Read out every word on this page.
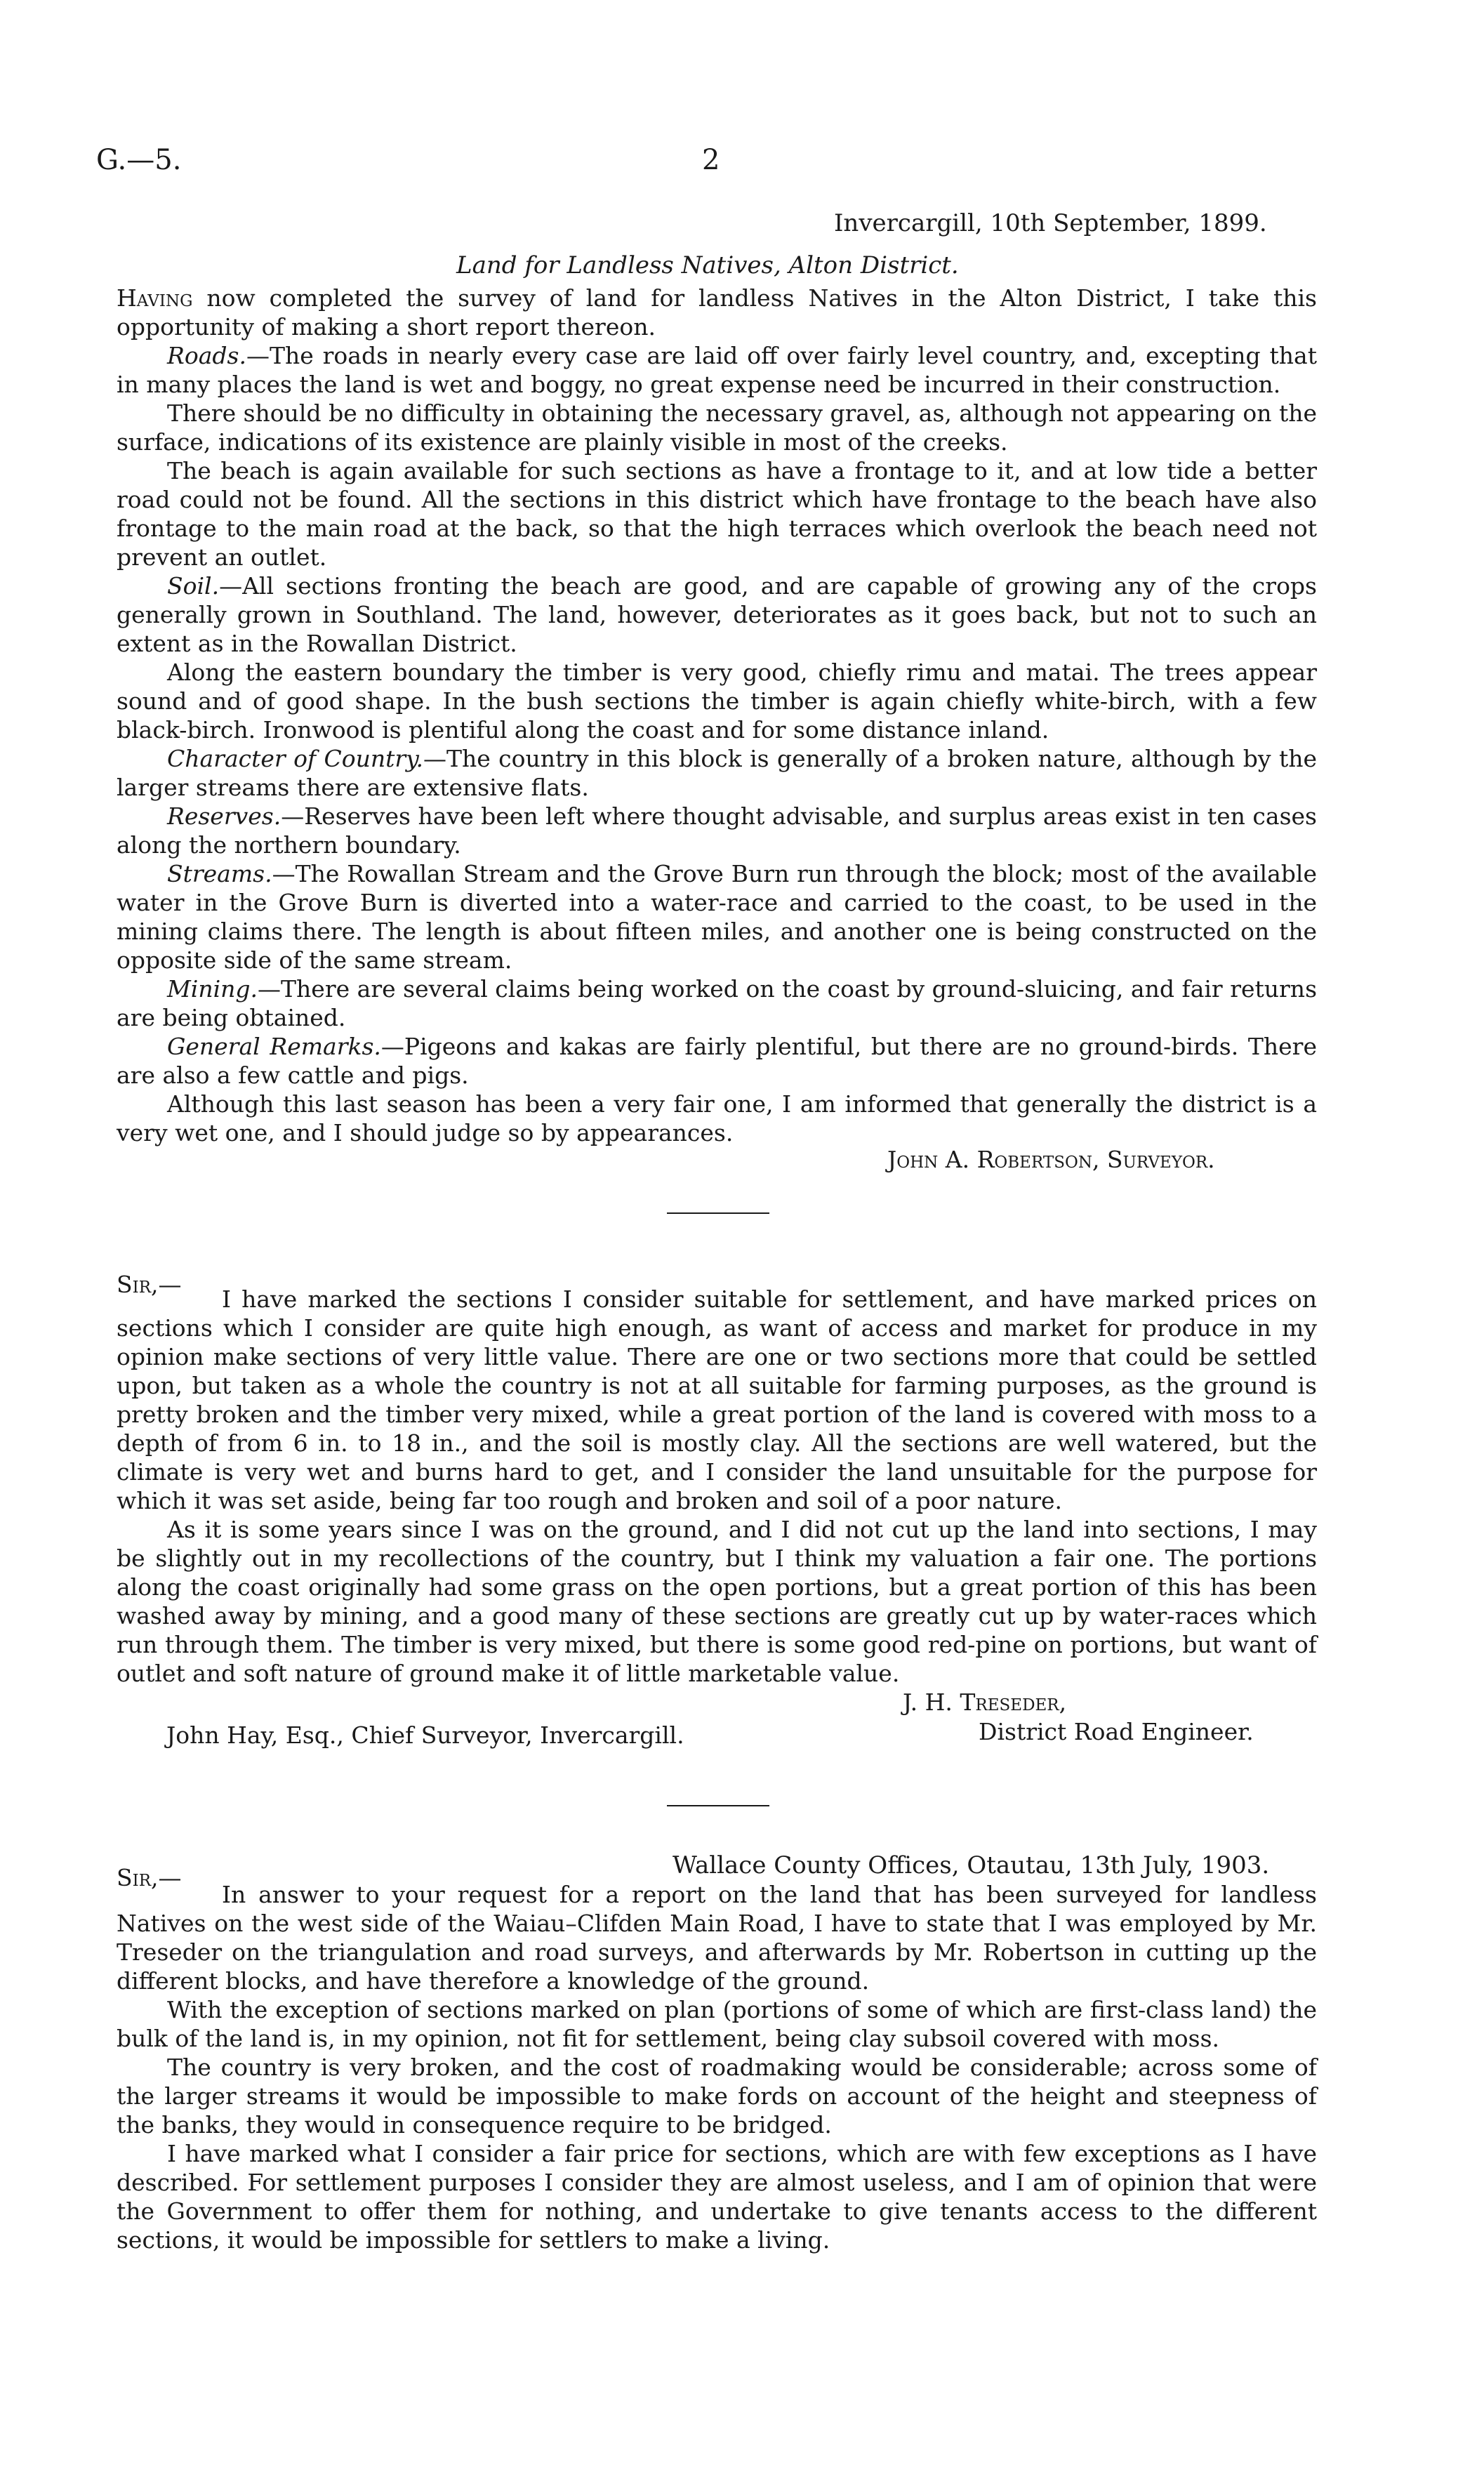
G.—5.	2
Invercargill, 10th September, 1899.
Land for Landless Natives, Alton District.

Having now completed the survey of land for landless Natives in the Alton District, I take this opportunity of making a short report thereon.

Roads.—The roads in nearly every case are laid off over fairly level country, and, excepting that in many places the land is wet and boggy, no great expense need be incurred in their construction.

There should be no difficulty in obtaining the necessary gravel, as, although not appearing on the surface, indications of its existence are plainly visible in most of the creeks.

The beach is again available for such sections as have a frontage to it, and at low tide a better road could not be found. All the sections in this district which have frontage to the beach have also frontage to the main road at the back, so that the high terraces which overlook the beach need not prevent an outlet.

Soil.—All sections fronting the beach are good, and are capable of growing any of the crops generally grown in Southland. The land, however, deteriorates as it goes back, but not to such an extent as in the Rowallan District.

Along the eastern boundary the timber is very good, chiefly rimu and matai. The trees appear sound and of good shape. In the bush sections the timber is again chiefly white-birch, with a few black-birch. Ironwood is plentiful along the coast and for some distance inland.

Character of Country.—The country in this block is generally of a broken nature, although by the larger streams there are extensive flats.

Reserves.—Reserves have been left where thought advisable, and surplus areas exist in ten cases along the northern boundary.

Streams.—The Rowallan Stream and the Grove Burn run through the block; most of the available water in the Grove Burn is diverted into a water-race and carried to the coast, to be used in the mining claims there. The length is about fifteen miles, and another one is being constructed on the opposite side of the same stream.

Mining.—There are several claims being worked on the coast by ground-sluicing, and fair returns are being obtained.

General Remarks.—Pigeons and kakas are fairly plentiful, but there are no ground-birds. There are also a few cattle and pigs.

Although this last season has been a very fair one, I am informed that generally the district is a very wet one, and I should judge so by appearances.

John A. Robertson, Surveyor.
Sir,—

I have marked the sections I consider suitable for settlement, and have marked prices on sections which I consider are quite high enough, as want of access and market for produce in my opinion make sections of very little value. There are one or two sections more that could be settled upon, but taken as a whole the country is not at all suitable for farming purposes, as the ground is pretty broken and the timber very mixed, while a great portion of the land is covered with moss to a depth of from 6 in. to 18 in., and the soil is mostly clay. All the sections are well watered, but the climate is very wet and burns hard to get, and I consider the land unsuitable for the purpose for which it was set aside, being far too rough and broken and soil of a poor nature.

As it is some years since I was on the ground, and I did not cut up the land into sections, I may be slightly out in my recollections of the country, but I think my valuation a fair one. The portions along the coast originally had some grass on the open portions, but a great portion of this has been washed away by mining, and a good many of these sections are greatly cut up by water-races which run through them. The timber is very mixed, but there is some good red-pine on portions, but want of outlet and soft nature of ground make it of little marketable value.

J. H. Treseder,
District Road Engineer.
John Hay, Esq., Chief Surveyor, Invercargill.
Wallace County Offices, Otautau, 13th July, 1903.
Sir,—

In answer to your request for a report on the land that has been surveyed for landless Natives on the west side of the Waiau–Clifden Main Road, I have to state that I was employed by Mr. Treseder on the triangulation and road surveys, and afterwards by Mr. Robertson in cutting up the different blocks, and have therefore a knowledge of the ground.

With the exception of sections marked on plan (portions of some of which are first-class land) the bulk of the land is, in my opinion, not fit for settlement, being clay subsoil covered with moss.

The country is very broken, and the cost of roadmaking would be considerable; across some of the larger streams it would be impossible to make fords on account of the height and steepness of the banks, they would in consequence require to be bridged.

I have marked what I consider a fair price for sections, which are with few exceptions as I have described. For settlement purposes I consider they are almost useless, and I am of opinion that were the Government to offer them for nothing, and undertake to give tenants access to the different sections, it would be impossible for settlers to make a living.
